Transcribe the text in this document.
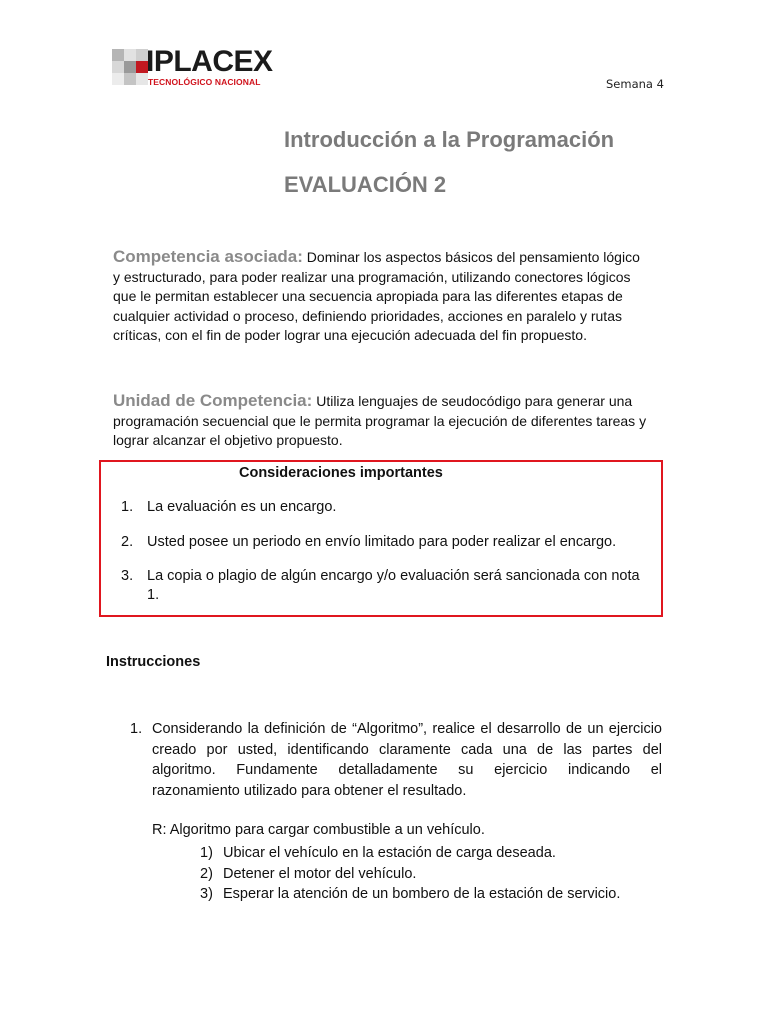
IPLACEX
TECNOLÓGICO NACIONAL	Semana 4
Introducción a la Programación
EVALUACIÓN 2
Competencia asociada: Dominar los aspectos básicos del pensamiento lógico
y estructurado, para poder realizar una programación, utilizando conectores lógicos
que le permitan establecer una secuencia apropiada para las diferentes etapas de
cualquier actividad o proceso, definiendo prioridades, acciones en paralelo y rutas
críticas, con el fin de poder lograr una ejecución adecuada del fin propuesto.
Unidad de Competencia: Utiliza lenguajes de seudocódigo para generar una
programación secuencial que le permita programar la ejecución de diferentes tareas y
lograr alcanzar el objetivo propuesto.
Consideraciones importantes
1. La evaluación es un encargo.
2. Usted posee un periodo en envío limitado para poder realizar el encargo.
3. La copia o plagio de algún encargo y/o evaluación será sancionada con nota
1.
Instrucciones
1. Considerando la definición de “Algoritmo”, realice el desarrollo de un ejercicio
creado por usted, identificando claramente cada una de las partes del
algoritmo. Fundamente detalladamente su ejercicio indicando el
razonamiento utilizado para obtener el resultado.
R: Algoritmo para cargar combustible a un vehículo.
1) Ubicar el vehículo en la estación de carga deseada.
2) Detener el motor del vehículo.
3) Esperar la atención de un bombero de la estación de servicio.
